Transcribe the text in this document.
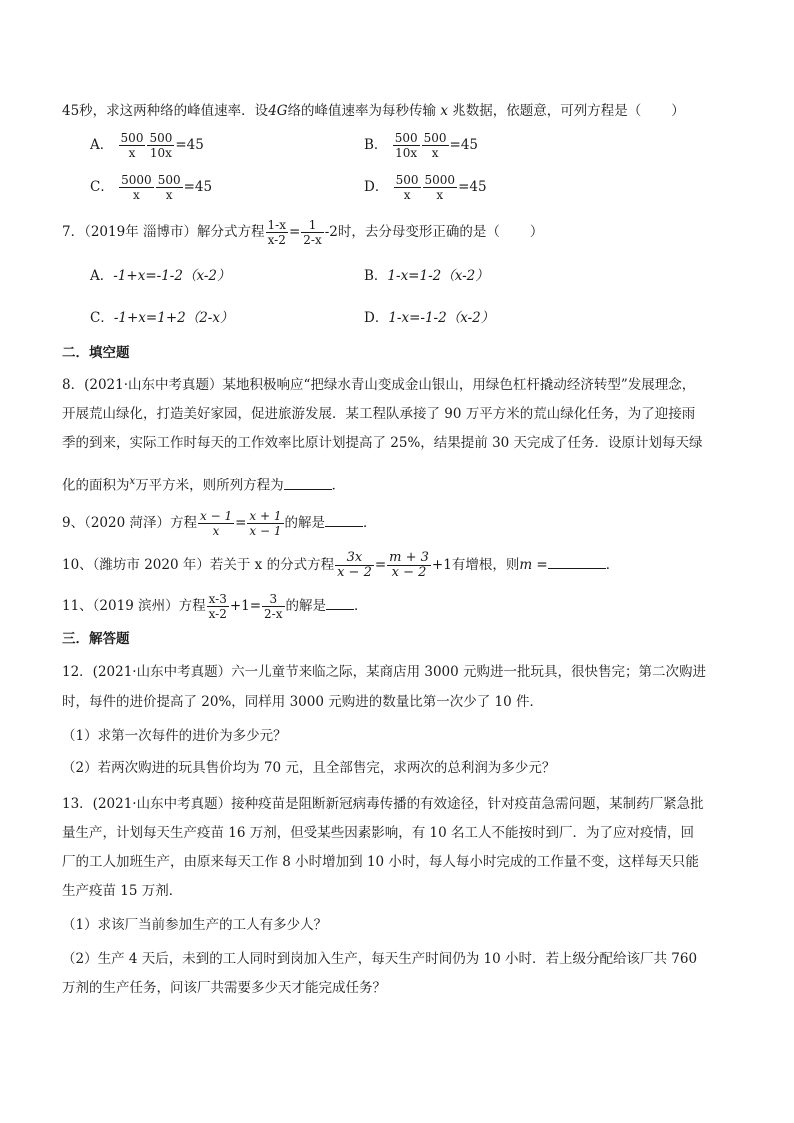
45秒，求这两种络的峰值速率．设4G络的峰值速率为每秒传输 x 兆数据，依题意，可列方程是（ ）
A． $\frac{500}{x} \frac{500}{10x} =45$	B． $\frac{500}{10x} \frac{500}{x} =45$
C． $\frac{5000}{x} \frac{500}{x} =45$	D． $\frac{500}{x} \frac{5000}{x} =45$
7．（2019年 淄博市）解分式方程 $\frac{1-x}{x-2} = \frac{1}{2-x} -2$时，去分母变形正确的是（ ）
A．-1+x=-1-2（x-2）	B．1-x=1-2（x-2）
C．-1+x=1+2（2-x）	D．1-x=-1-2（x-2）
二．填空题
8．(2021·山东中考真题）某地积极响应“把绿水青山变成金山银山，用绿色杠杆撬动经济转型”发展理念，
开展荒山绿化，打造美好家园，促进旅游发展．某工程队承接了 90 万平方米的荒山绿化任务，为了迎接雨
季的到来，实际工作时每天的工作效率比原计划提高了 25%，结果提前 30 天完成了任务．设原计划每天绿
化的面积为$^x$万平方米，则所列方程为	．
9、（2020 菏泽）方程 $\frac{x - 1}{x} = \frac{x + 1}{x - 1}$ 的解是	．
10、（潍坊市 2020 年）若关于 x 的分式方程 $\frac{3x}{x - 2} = \frac{m + 3}{x - 2} +1$有增根，则m =	．
11、（2019 滨州）方程 $\frac{x-3}{x-2} +1= \frac{3}{2-x}$ 的解是 ．
三．解答题
12．(2021·山东中考真题）六一儿童节来临之际，某商店用 3000 元购进一批玩具，很快售完；第二次购进
时，每件的进价提高了 20%，同样用 3000 元购进的数量比第一次少了 10 件．
（1）求第一次每件的进价为多少元？
（2）若两次购进的玩具售价均为 70 元，且全部售完，求两次的总利润为多少元？
13．(2021·山东中考真题）接种疫苗是阻断新冠病毒传播的有效途径，针对疫苗急需问题，某制药厂紧急批
量生产，计划每天生产疫苗 16 万剂，但受某些因素影响，有 10 名工人不能按时到厂．为了应对疫情，回
厂的工人加班生产，由原来每天工作 8 小时增加到 10 小时，每人每小时完成的工作量不变，这样每天只能
生产疫苗 15 万剂．
（1）求该厂当前参加生产的工人有多少人？
（2）生产 4 天后，未到的工人同时到岗加入生产，每天生产时间仍为 10 小时．若上级分配给该厂共 760
万剂的生产任务，问该厂共需要多少天才能完成任务？
